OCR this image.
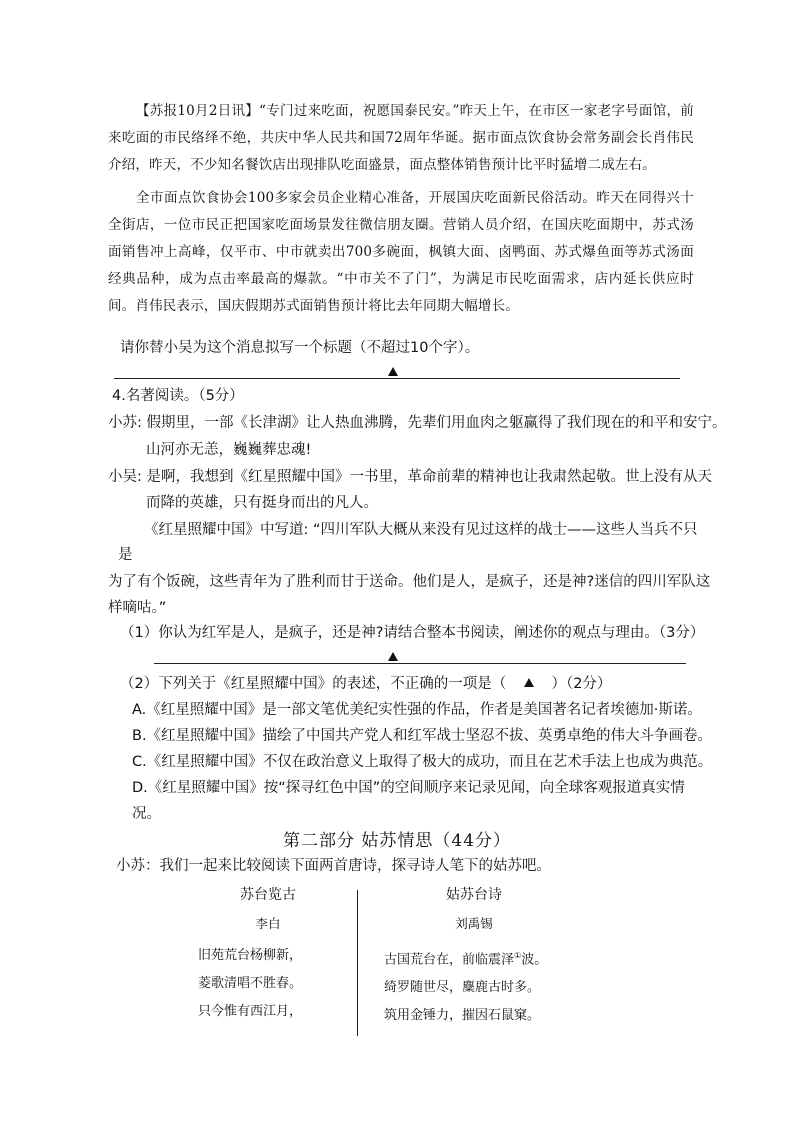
【苏报10月2日讯】“专门过来吃面，祝愿国泰民安。”昨天上午，在市区一家老字号面馆，前来吃面的市民络绎不绝，共庆中华人民共和国72周年华诞。据市面点饮食协会常务副会长肖伟民介绍，昨天，不少知名餐饮店出现排队吃面盛景，面点整体销售预计比平时猛增二成左右。

全市面点饮食协会100多家会员企业精心准备，开展国庆吃面新民俗活动。昨天在同得兴十全街店，一位市民正把国家吃面场景发往微信朋友圈。营销人员介绍，在国庆吃面期中，苏式汤面销售冲上高峰，仅平市、中市就卖出700多碗面，枫镇大面、卤鸭面、苏式爆鱼面等苏式汤面经典品种，成为点击率最高的爆款。“中市关不了门”，为满足市民吃面需求，店内延长供应时间。肖伟民表示，国庆假期苏式面销售预计将比去年同期大幅增长。

请你替小吴为这个消息拟写一个标题（不超过10个字）。
4.名著阅读。（5分）
小苏: 假期里，一部《长津湖》让人热血沸腾，先辈们用血肉之躯赢得了我们现在的和平和安宁。
山河亦无恙，巍巍葬忠魂!
小吴: 是啊，我想到《红星照耀中国》一书里，革命前辈的精神也让我肃然起敬。世上没有从天
而降的英雄，只有挺身而出的凡人。
《红星照耀中国》中写道: “四川军队大概从来没有见过这样的战士——这些人当兵不只
是
为了有个饭碗，这些青年为了胜利而甘于送命。他们是人，是疯子，还是神?迷信的四川军队这
样嘀咕。”
（1）你认为红军是人，是疯子，还是神?请结合整本书阅读，阐述你的观点与理由。（3分）
（2）下列关于《红星照耀中国》的表述，不正确的一项是（	）（2分）
A.《红星照耀中国》是一部文笔优美纪实性强的作品，作者是美国著名记者埃德加·斯诺。
B.《红星照耀中国》描绘了中国共产党人和红军战士坚忍不拔、英勇卓绝的伟大斗争画卷。
C.《红星照耀中国》不仅在政治意义上取得了极大的成功，而且在艺术手法上也成为典范。
D.《红星照耀中国》按“探寻红色中国”的空间顺序来记录见闻，向全球客观报道真实情
况。
第二部分 姑苏情思（44分）
小苏：我们一起来比较阅读下面两首唐诗，探寻诗人笔下的姑苏吧。
苏台览古
李白
旧苑荒台杨柳新，
菱歌清唱不胜春。
只今惟有西江月，
姑苏台诗
刘禹锡
古国荒台在，前临震泽①波。
绮罗随世尽，麋鹿古时多。
筑用金锤力，摧因石鼠窠。
